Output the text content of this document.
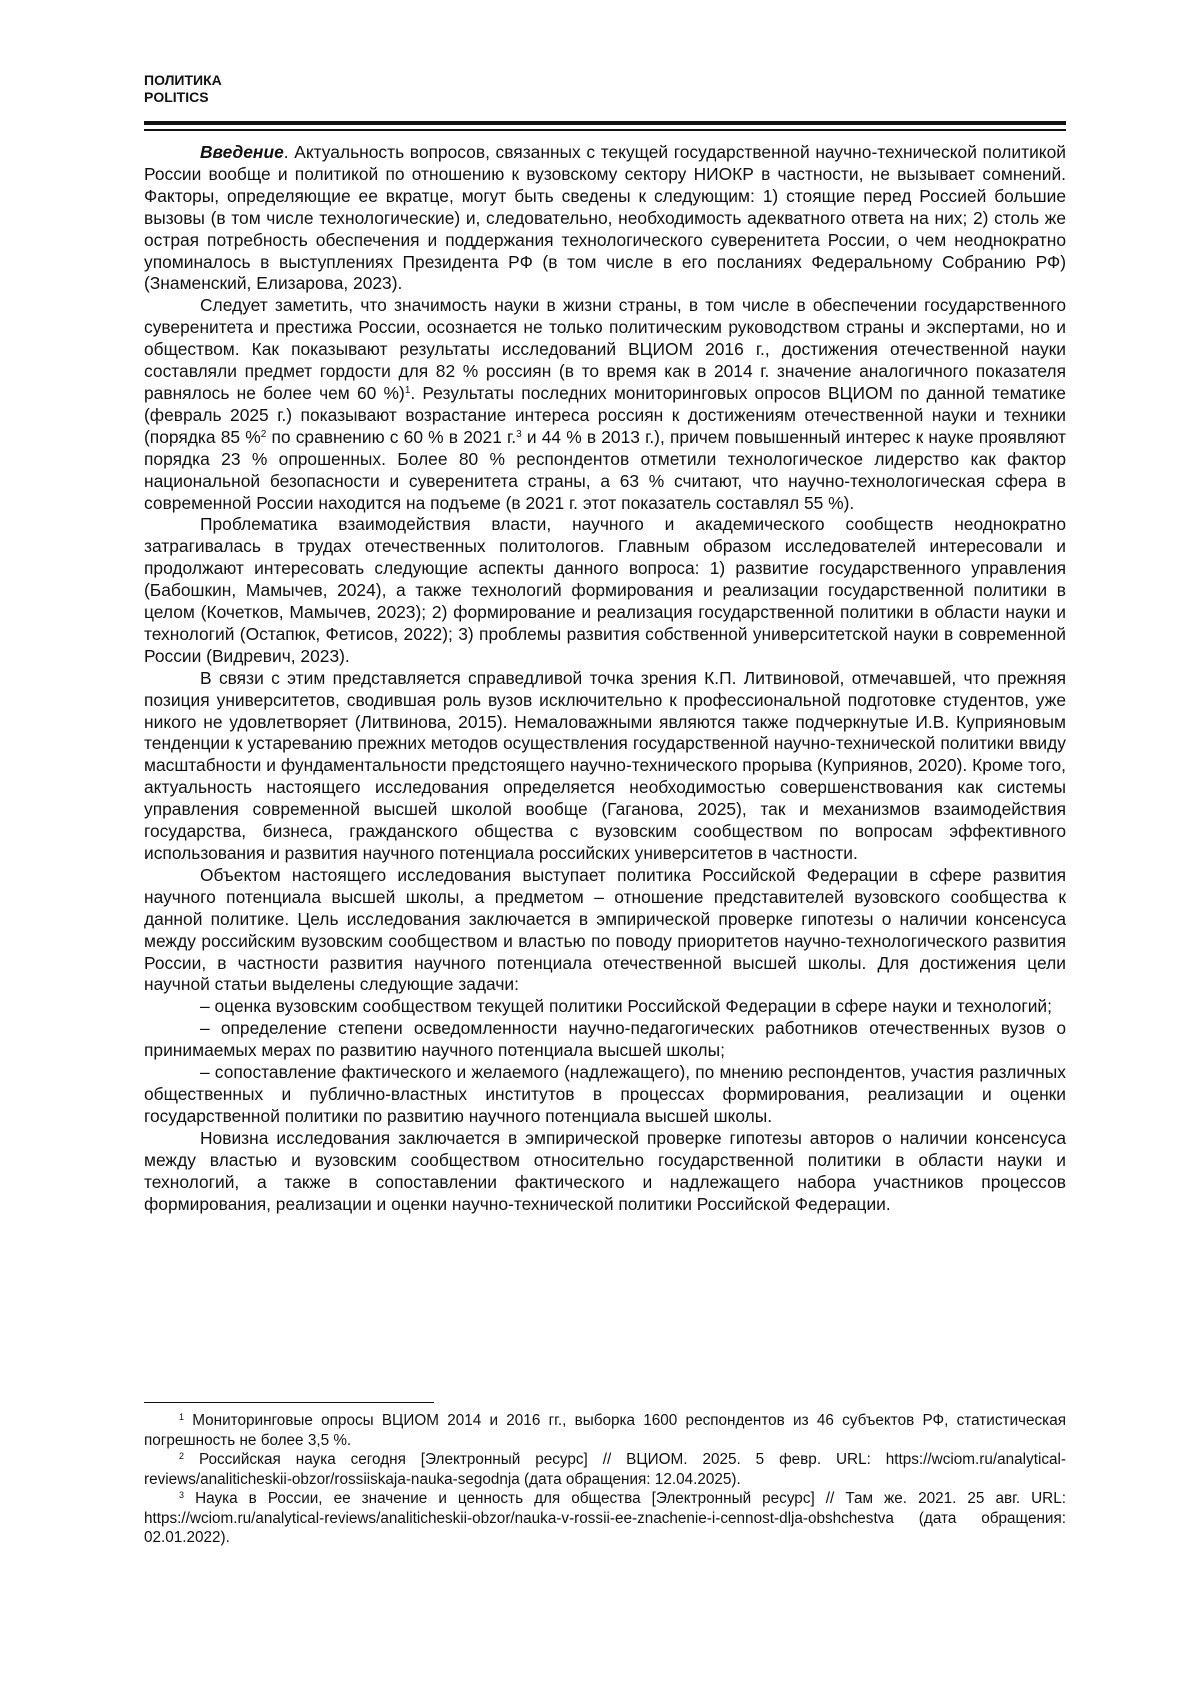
ПОЛИТИКА
POLITICS

Введение. Актуальность вопросов, связанных с текущей государственной научно-технической политикой России вообще и политикой по отношению к вузовскому сектору НИОКР в частности, не вызывает сомнений. Факторы, определяющие ее вкратце, могут быть сведены к следующим: 1) стоящие перед Россией большие вызовы (в том числе технологические) и, следовательно, необходимость адекватного ответа на них; 2) столь же острая потребность обеспечения и поддержания технологического суверенитета России, о чем неоднократно упоминалось в выступлениях Президента РФ (в том числе в его посланиях Федеральному Собранию РФ) (Знаменский, Елизарова, 2023).

Следует заметить, что значимость науки в жизни страны, в том числе в обеспечении государственного суверенитета и престижа России, осознается не только политическим руководством страны и экспертами, но и обществом. Как показывают результаты исследований ВЦИОМ 2016 г., достижения отечественной науки составляли предмет гордости для 82 % россиян (в то время как в 2014 г. значение аналогичного показателя равнялось не более чем 60 %)$^1$. Результаты последних мониторинговых опросов ВЦИОМ по данной тематике (февраль 2025 г.) показывают возрастание интереса россиян к достижениям отечественной науки и техники (порядка 85 %$^2$ по сравнению с 60 % в 2021 г.$^3$ и 44 % в 2013 г.), причем повышенный интерес к науке проявляют порядка 23 % опрошенных. Более 80 % респондентов отметили технологическое лидерство как фактор национальной безопасности и суверенитета страны, а 63 % считают, что научно-технологическая сфера в современной России находится на подъеме (в 2021 г. этот показатель составлял 55 %).

Проблематика взаимодействия власти, научного и академического сообществ неоднократно затрагивалась в трудах отечественных политологов. Главным образом исследователей интересовали и продолжают интересовать следующие аспекты данного вопроса: 1) развитие государственного управления (Бабошкин, Мамычев, 2024), а также технологий формирования и реализации государственной политики в целом (Кочетков, Мамычев, 2023); 2) формирование и реализация государственной политики в области науки и технологий (Остапюк, Фетисов, 2022); 3) проблемы развития собственной университетской науки в современной России (Видревич, 2023).

В связи с этим представляется справедливой точка зрения К.П. Литвиновой, отмечавшей, что прежняя позиция университетов, сводившая роль вузов исключительно к профессиональной подготовке студентов, уже никого не удовлетворяет (Литвинова, 2015). Немаловажными являются также подчеркнутые И.В. Куприяновым тенденции к устареванию прежних методов осуществления государственной научно-технической политики ввиду масштабности и фундаментальности предстоящего научно-технического прорыва (Куприянов, 2020). Кроме того, актуальность настоящего исследования определяется необходимостью совершенствования как системы управления современной высшей школой вообще (Гаганова, 2025), так и механизмов взаимодействия государства, бизнеса, гражданского общества с вузовским сообществом по вопросам эффективного использования и развития научного потенциала российских университетов в частности.

Объектом настоящего исследования выступает политика Российской Федерации в сфере развития научного потенциала высшей школы, а предметом – отношение представителей вузовского сообщества к данной политике. Цель исследования заключается в эмпирической проверке гипотезы о наличии консенсуса между российским вузовским сообществом и властью по поводу приоритетов научно-технологического развития России, в частности развития научного потенциала отечественной высшей школы. Для достижения цели научной статьи выделены следующие задачи:

– оценка вузовским сообществом текущей политики Российской Федерации в сфере науки и технологий;

– определение степени осведомленности научно-педагогических работников отечественных вузов о принимаемых мерах по развитию научного потенциала высшей школы;

– сопоставление фактического и желаемого (надлежащего), по мнению респондентов, участия различных общественных и публично-властных институтов в процессах формирования, реализации и оценки государственной политики по развитию научного потенциала высшей школы.

Новизна исследования заключается в эмпирической проверке гипотезы авторов о наличии консенсуса между властью и вузовским сообществом относительно государственной политики в области науки и технологий, а также в сопоставлении фактического и надлежащего набора участников процессов формирования, реализации и оценки научно-технической политики Российской Федерации.

$^1$ Мониторинговые опросы ВЦИОМ 2014 и 2016 гг., выборка 1600 респондентов из 46 субъектов РФ, статистическая погрешность не более 3,5 %.

$^2$ Российская наука сегодня [Электронный ресурс] // ВЦИОМ. 2025. 5 февр. URL: https://wciom.ru/analytical-reviews/analiticheskii-obzor/rossiiskaja-nauka-segodnja (дата обращения: 12.04.2025).

$^3$ Наука в России, ее значение и ценность для общества [Электронный ресурс] // Там же. 2021. 25 авг. URL: https://wciom.ru/analytical-reviews/analiticheskii-obzor/nauka-v-rossii-ee-znachenie-i-cennost-dlja-obshchestva (дата обращения: 02.01.2022).
